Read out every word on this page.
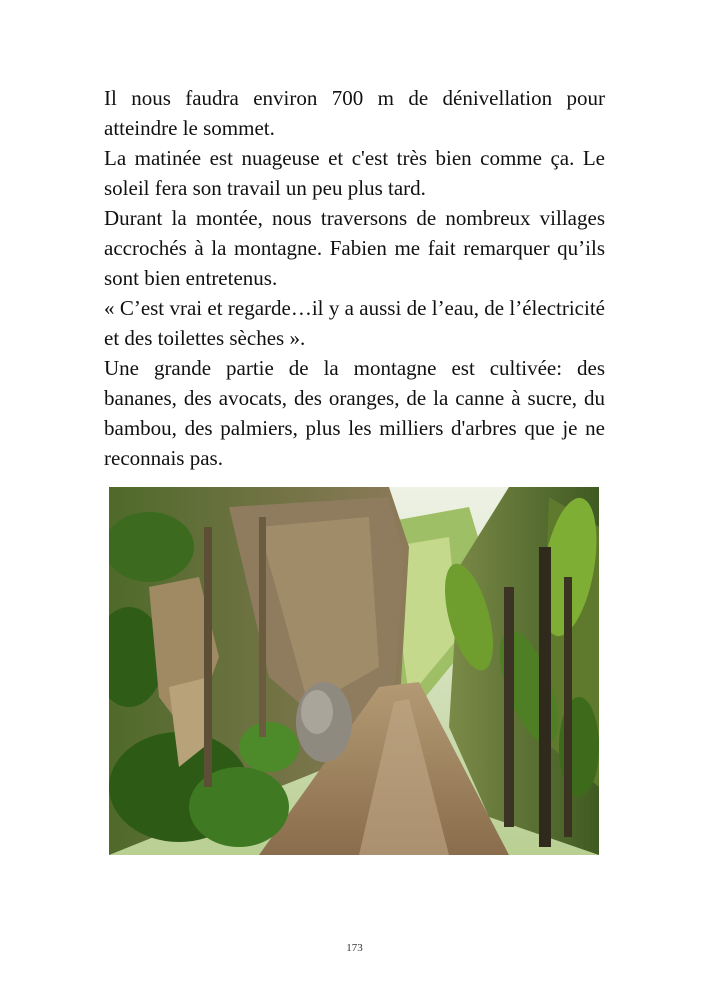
Il nous faudra environ 700 m de dénivellation pour atteindre le sommet.

La matinée est nuageuse et c'est très bien comme ça. Le soleil fera son travail un peu plus tard.

Durant la montée, nous traversons de nombreux villages accrochés à la montagne. Fabien me fait remarquer qu’ils sont bien entretenus.

« C’est vrai et regarde…il y a aussi de l’eau, de l’électricité et des toilettes sèches ».

Une grande partie de la montagne est cultivée: des bananes, des avocats, des oranges, de la canne à sucre, du bambou, des palmiers, plus les milliers d'arbres que je ne reconnais pas.

173
